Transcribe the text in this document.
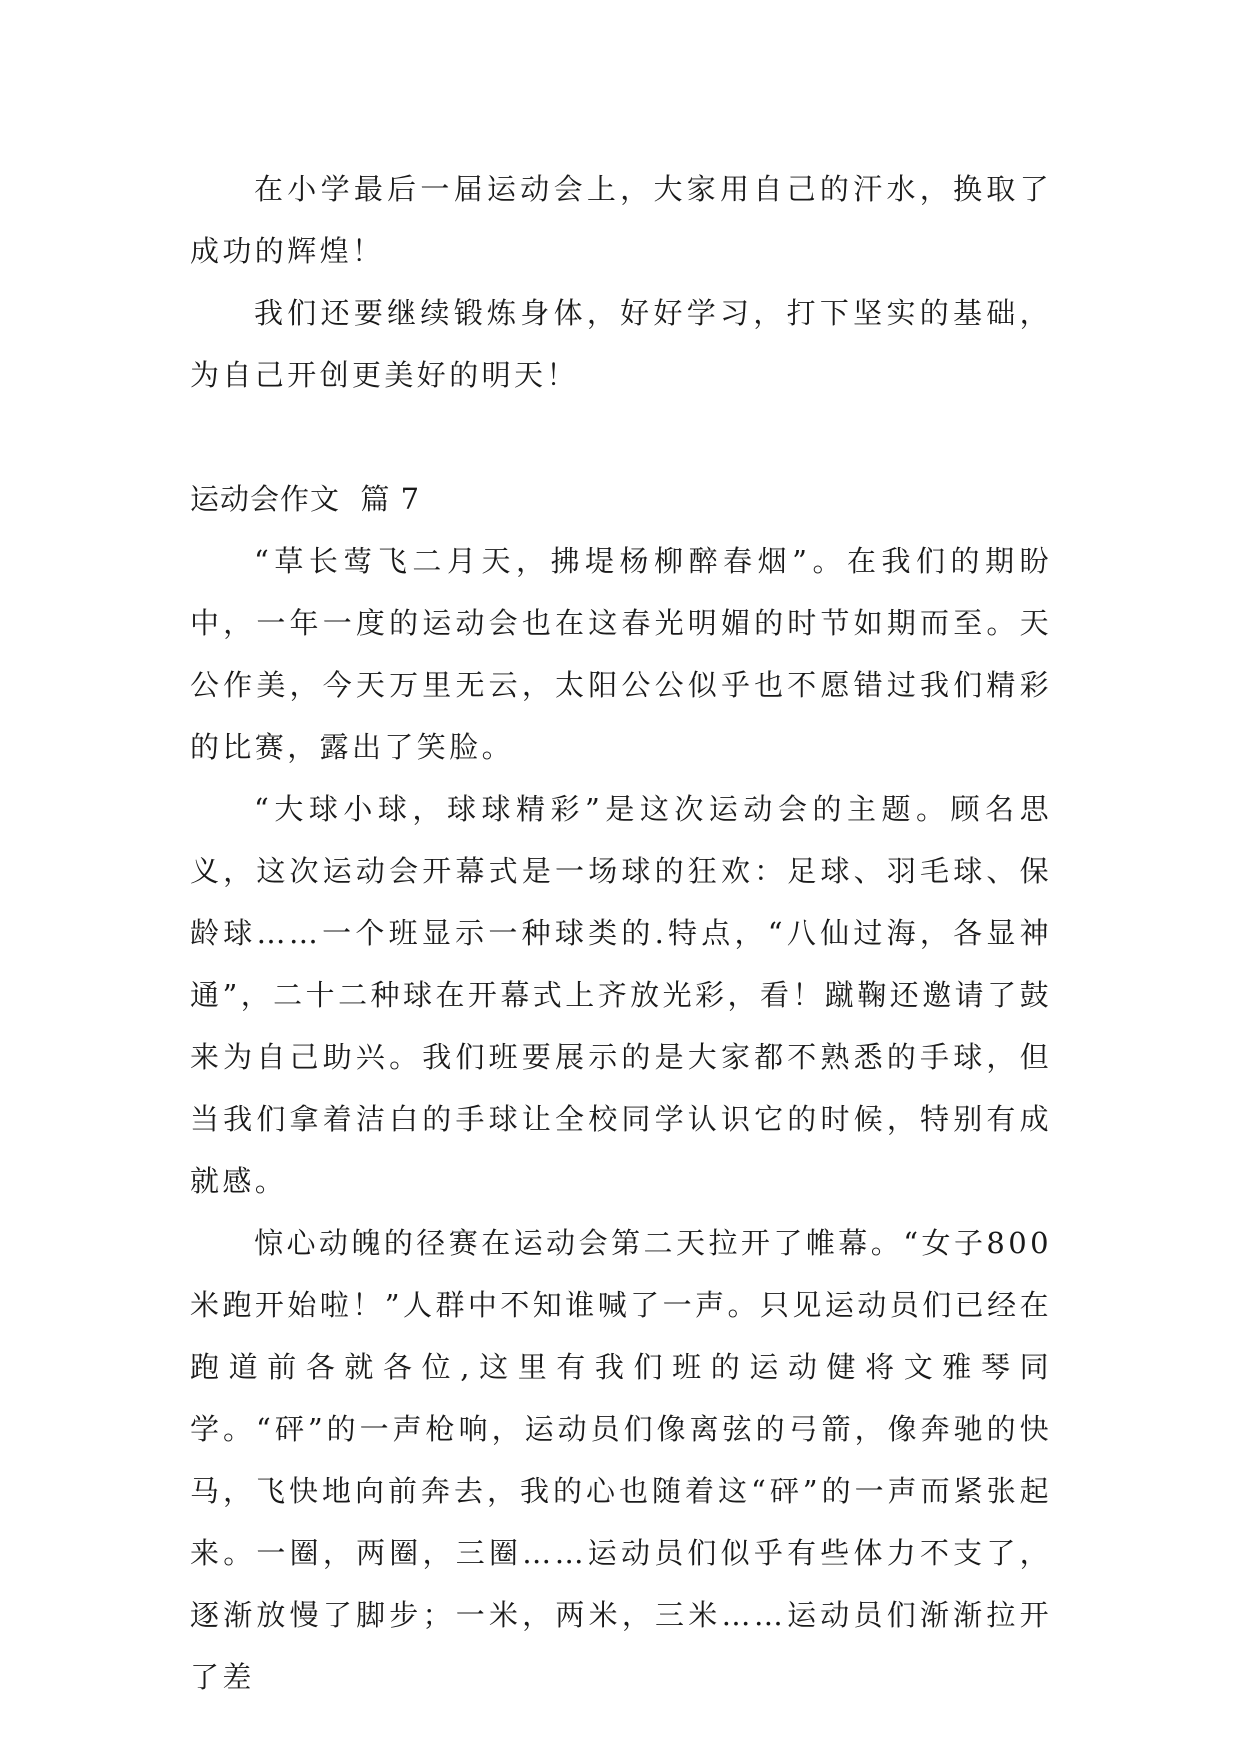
在小学最后一届运动会上，大家用自己的汗水，换取了成功的辉煌！

我们还要继续锻炼身体，好好学习，打下坚实的基础，为自己开创更美好的明天！

运动会作文  篇 7

“草长莺飞二月天，拂堤杨柳醉春烟”。在我们的期盼中，一年一度的运动会也在这春光明媚的时节如期而至。天公作美，今天万里无云，太阳公公似乎也不愿错过我们精彩的比赛，露出了笑脸。

“大球小球，球球精彩”是这次运动会的主题。顾名思义，这次运动会开幕式是一场球的狂欢：足球、羽毛球、保龄球……一个班显示一种球类的.特点，“八仙过海，各显神通”，二十二种球在开幕式上齐放光彩，看！蹴鞠还邀请了鼓来为自己助兴。我们班要展示的是大家都不熟悉的手球，但当我们拿着洁白的手球让全校同学认识它的时候，特别有成就感。

惊心动魄的径赛在运动会第二天拉开了帷幕。“女子800米跑开始啦！”人群中不知谁喊了一声。只见运动员们已经在跑道前各就各位,这里有我们班的运动健将文雅琴同学。“砰”的一声枪响，运动员们像离弦的弓箭，像奔驰的快马，飞快地向前奔去，我的心也随着这“砰”的一声而紧张起来。一圈，两圈，三圈……运动员们似乎有些体力不支了，逐渐放慢了脚步；一米，两米，三米……运动员们渐渐拉开了差
